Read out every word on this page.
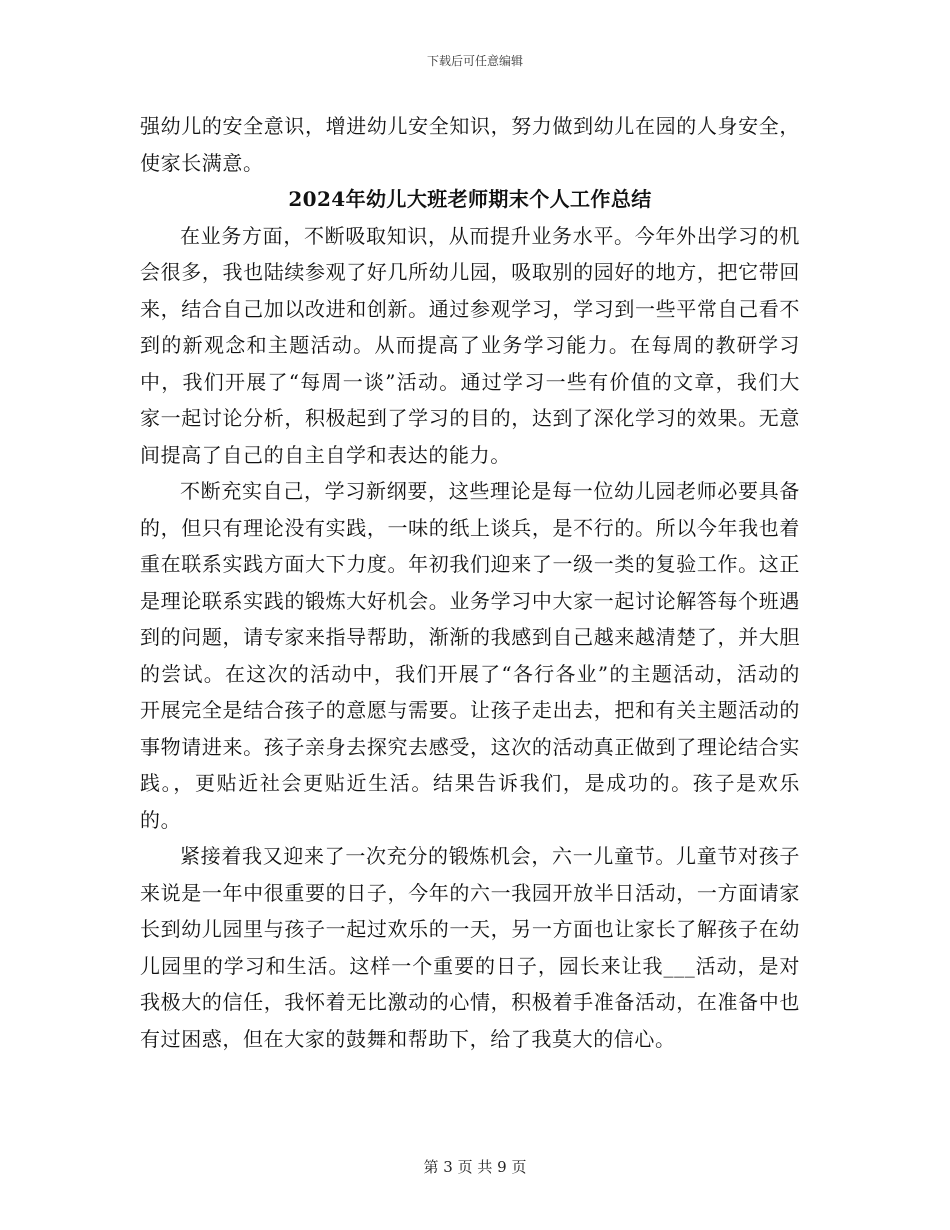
下载后可任意编辑

强幼儿的安全意识，增进幼儿安全知识，努力做到幼儿在园的人身安全，使家长满意。

2024年幼儿大班老师期末个人工作总结

在业务方面，不断吸取知识，从而提升业务水平。今年外出学习的机会很多，我也陆续参观了好几所幼儿园，吸取别的园好的地方，把它带回来，结合自己加以改进和创新。通过参观学习，学习到一些平常自己看不到的新观念和主题活动。从而提高了业务学习能力。在每周的教研学习中，我们开展了“每周一谈”活动。通过学习一些有价值的文章，我们大家一起讨论分析，积极起到了学习的目的，达到了深化学习的效果。无意间提高了自己的自主自学和表达的能力。

不断充实自己，学习新纲要，这些理论是每一位幼儿园老师必要具备的，但只有理论没有实践，一味的纸上谈兵，是不行的。所以今年我也着重在联系实践方面大下力度。年初我们迎来了一级一类的复验工作。这正是理论联系实践的锻炼大好机会。业务学习中大家一起讨论解答每个班遇到的问题，请专家来指导帮助，渐渐的我感到自己越来越清楚了，并大胆的尝试。在这次的活动中，我们开展了“各行各业”的主题活动，活动的开展完全是结合孩子的意愿与需要。让孩子走出去，把和有关主题活动的事物请进来。孩子亲身去探究去感受，这次的活动真正做到了理论结合实践。，更贴近社会更贴近生活。结果告诉我们，是成功的。孩子是欢乐的。

紧接着我又迎来了一次充分的锻炼机会，六一儿童节。儿童节对孩子来说是一年中很重要的日子，今年的六一我园开放半日活动，一方面请家长到幼儿园里与孩子一起过欢乐的一天，另一方面也让家长了解孩子在幼儿园里的学习和生活。这样一个重要的日子，园长来让我___活动，是对我极大的信任，我怀着无比激动的心情，积极着手准备活动，在准备中也有过困惑，但在大家的鼓舞和帮助下，给了我莫大的信心。

第 3 页 共 9 页
